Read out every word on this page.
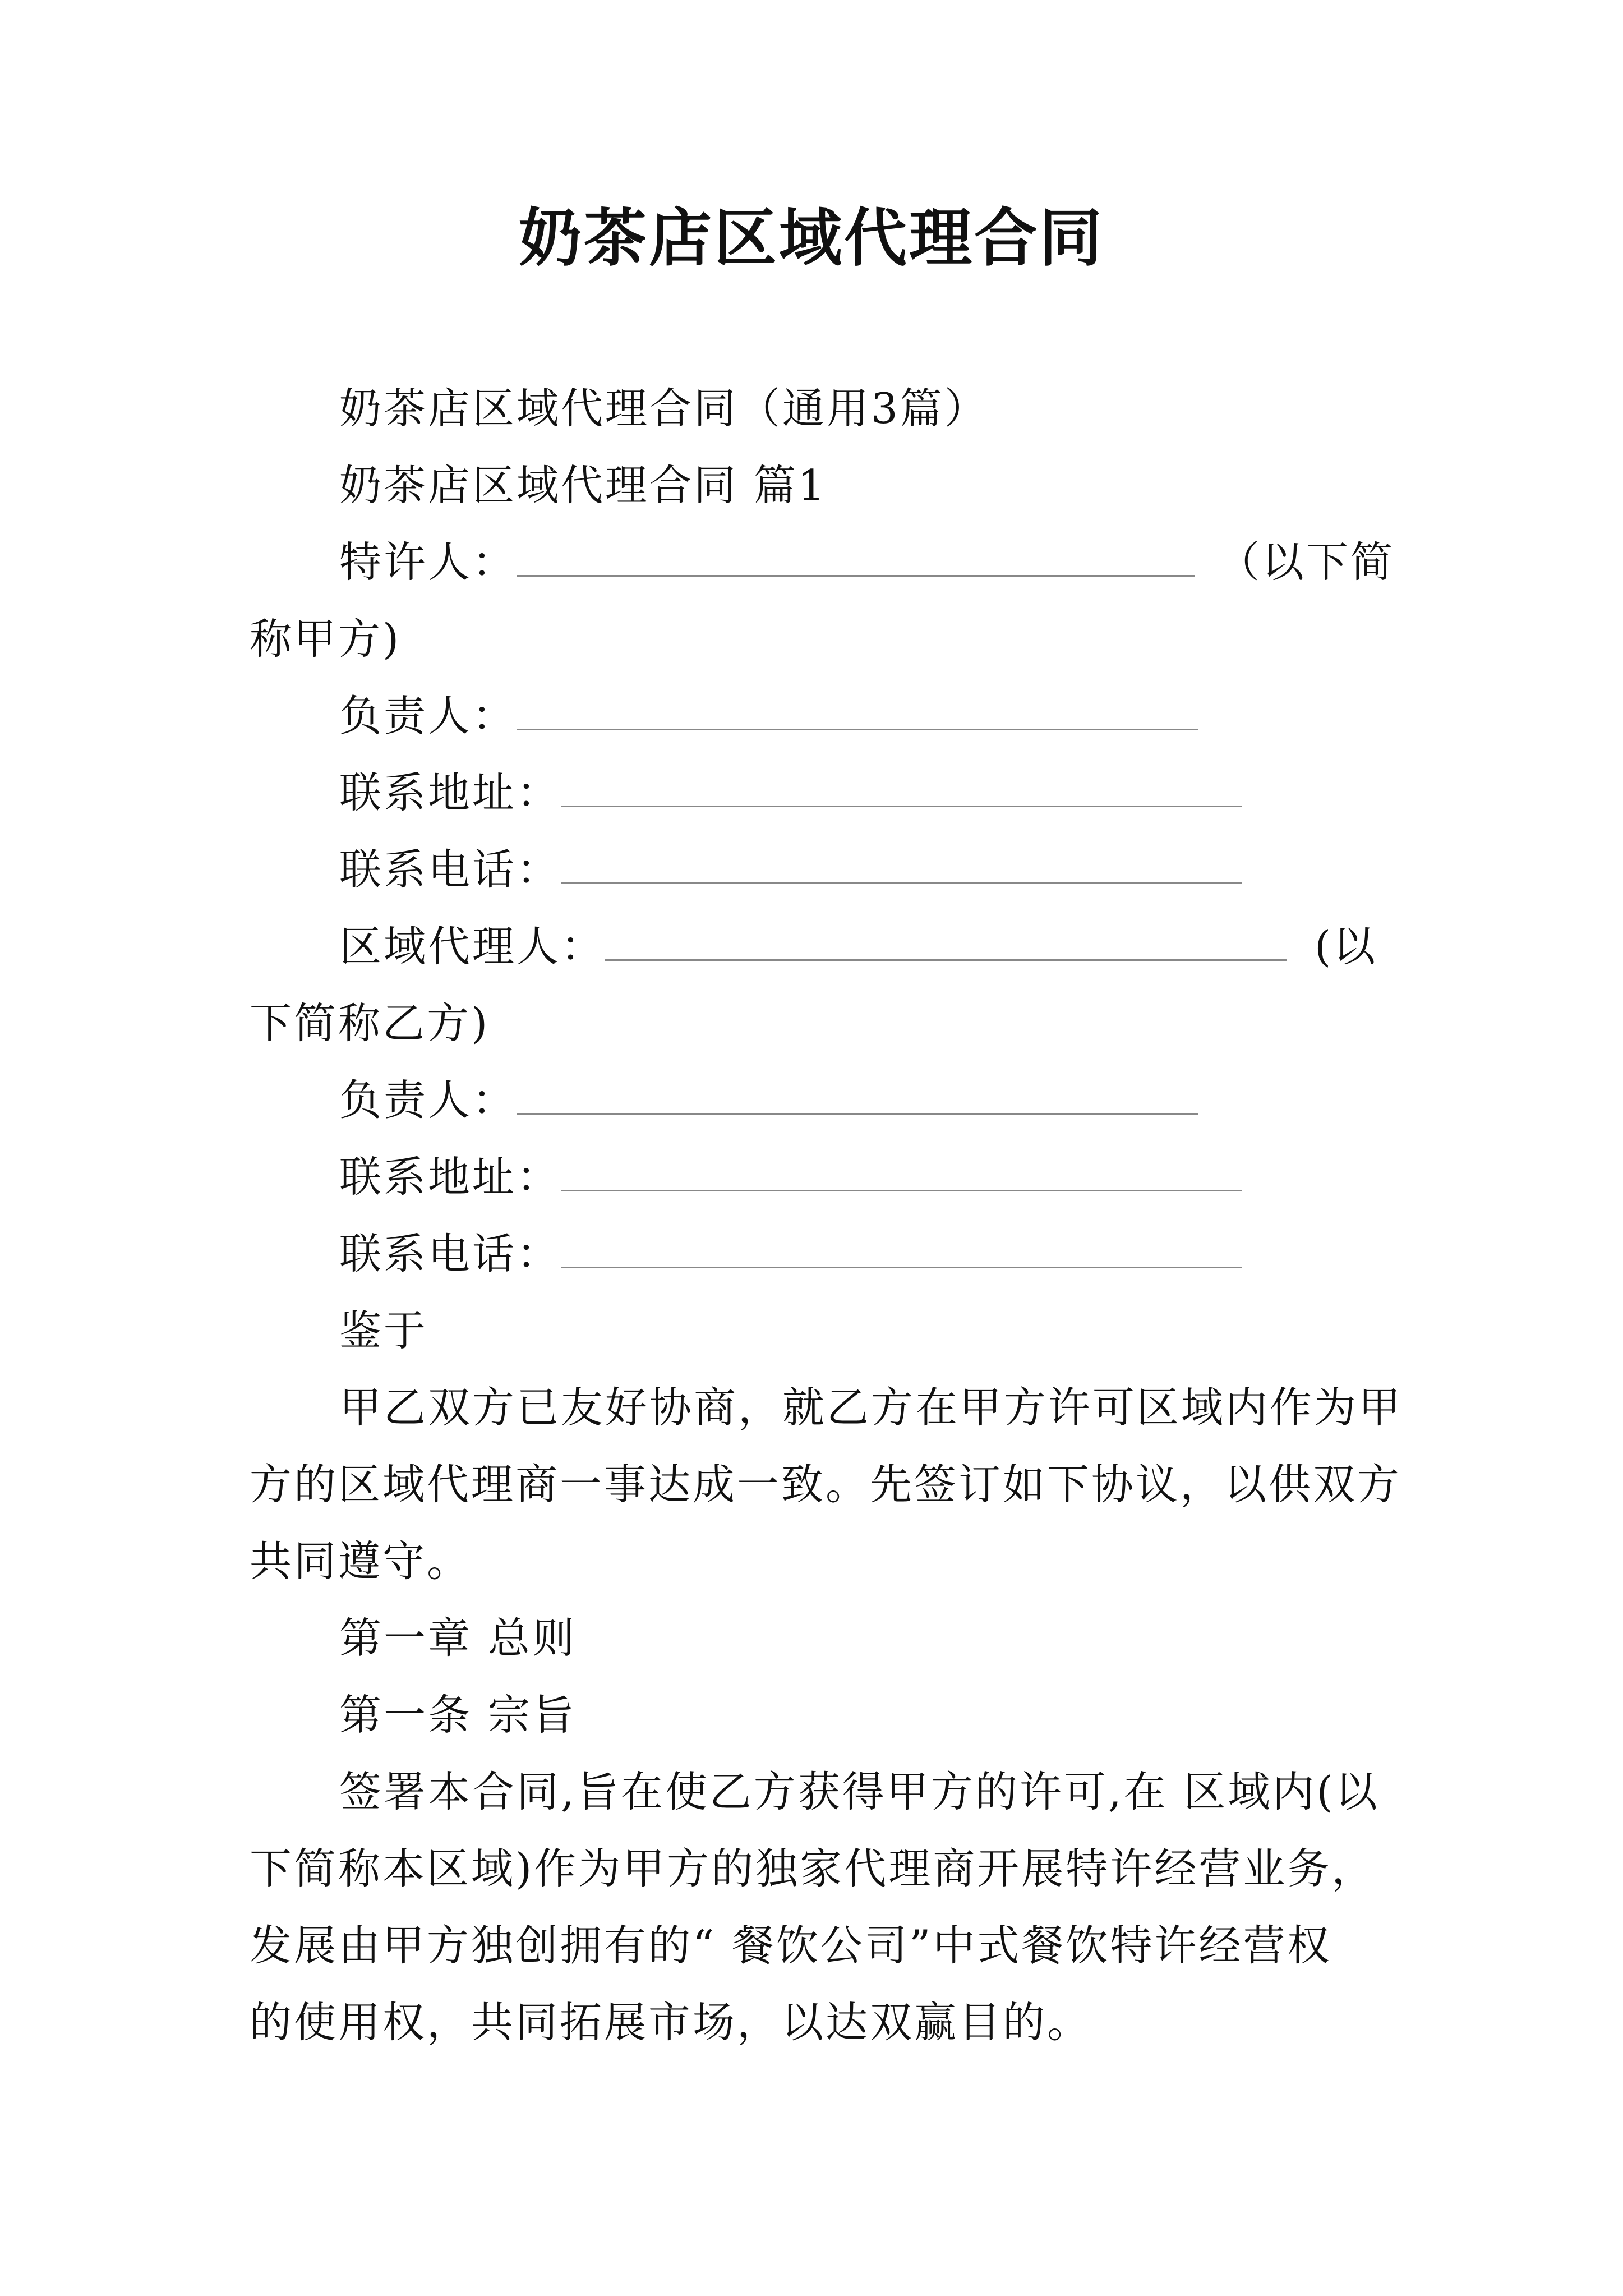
奶茶店区域代理合同

奶茶店区域代理合同（通用3篇）

奶茶店区域代理合同 篇1

特许人：	（以下简

称甲方)

负责人：

联系地址：

联系电话：

区域代理人：	(以

下简称乙方)

负责人：

联系地址：

联系电话：

鉴于

甲乙双方已友好协商，就乙方在甲方许可区域内作为甲

方的区域代理商一事达成一致。先签订如下协议，以供双方

共同遵守。

第一章 总则

第一条 宗旨

签署本合同,旨在使乙方获得甲方的许可,在 区域内(以

下简称本区域)作为甲方的独家代理商开展特许经营业务，

发展由甲方独创拥有的“ 餐饮公司”中式餐饮特许经营权

的使用权，共同拓展市场，以达双赢目的。
